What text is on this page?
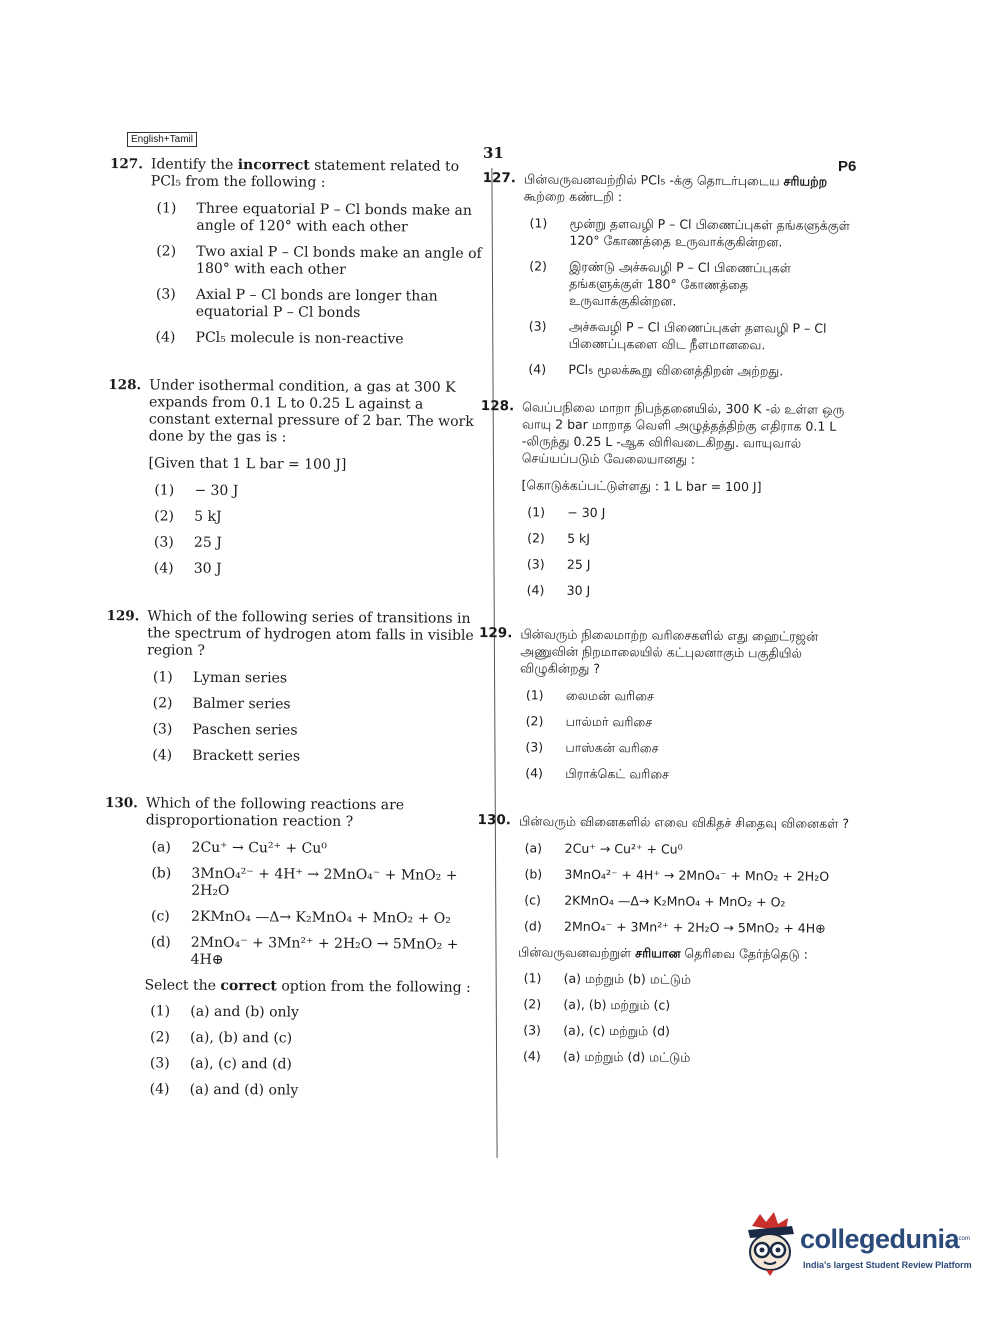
English+Tamil
31
P6
127. Identify the incorrect statement related to PCl₅ from the following :
(1)	Three equatorial P – Cl bonds make an angle of 120° with each other
(2)	Two axial P – Cl bonds make an angle of 180° with each other
(3)	Axial P – Cl bonds are longer than equatorial P – Cl bonds
(4)	PCl₅ molecule is non-reactive
128. Under isothermal condition, a gas at 300 K expands from 0.1 L to 0.25 L against a constant external pressure of 2 bar. The work done by the gas is :
[Given that 1 L bar = 100 J]
(1)	− 30 J
(2)	5 kJ
(3)	25 J
(4)	30 J
129. Which of the following series of transitions in the spectrum of hydrogen atom falls in visible region ?
(1)	Lyman series
(2)	Balmer series
(3)	Paschen series
(4)	Brackett series
130. Which of the following reactions are disproportionation reaction ?
(a)	2Cu⁺ → Cu²⁺ + Cu⁰
(b)	3MnO₄²⁻ + 4H⁺ → 2MnO₄⁻ + MnO₂ + 2H₂O
(c)	2KMnO₄ —Δ→ K₂MnO₄ + MnO₂ + O₂
(d)	2MnO₄⁻ + 3Mn²⁺ + 2H₂O → 5MnO₂ + 4H⊕
Select the correct option from the following :
(1)	(a) and (b) only
(2)	(a), (b) and (c)
(3)	(a), (c) and (d)
(4)	(a) and (d) only
127. பின்வருவனவற்றில் PCl₅ -க்கு தொடர்புடைய சரியற்ற கூற்றை கண்டறி :
(1)	மூன்று தளவழி P – Cl பிணைப்புகள் தங்களுக்குள் 120° கோணத்தை உருவாக்குகின்றன.
(2)	இரண்டு அச்சுவழி P – Cl பிணைப்புகள் தங்களுக்குள் 180° கோணத்தை உருவாக்குகின்றன.
(3)	அச்சுவழி P – Cl பிணைப்புகள் தளவழி P – Cl பிணைப்புகளை விட நீளமானவை.
(4)	PCl₅ மூலக்கூறு வினைத்திறன் அற்றது.
128. வெப்பநிலை மாறா நிபந்தனையில், 300 K -ல் உள்ள ஒரு வாயு 2 bar மாறாத வெளி அழுத்தத்திற்கு எதிராக 0.1 L -லிருந்து 0.25 L -ஆக விரிவடைகிறது. வாயுவால் செய்யப்படும் வேலையானது :
[கொடுக்கப்பட்டுள்ளது : 1 L bar = 100 J]
(1)	− 30 J
(2)	5 kJ
(3)	25 J
(4)	30 J
129. பின்வரும் நிலைமாற்ற வரிசைகளில் எது ஹைட்ரஜன் அணுவின் நிறமாலையில் கட்புலனாகும் பகுதியில் விழுகின்றது ?
(1)	லைமன் வரிசை
(2)	பால்மர் வரிசை
(3)	பாஸ்கன் வரிசை
(4)	பிராக்கெட் வரிசை
130. பின்வரும் வினைகளில் எவை விகிதச் சிதைவு வினைகள் ?
(a)	2Cu⁺ → Cu²⁺ + Cu⁰
(b)	3MnO₄²⁻ + 4H⁺ → 2MnO₄⁻ + MnO₂ + 2H₂O
(c)	2KMnO₄ —Δ→ K₂MnO₄ + MnO₂ + O₂
(d)	2MnO₄⁻ + 3Mn²⁺ + 2H₂O → 5MnO₂ + 4H⊕
பின்வருவனவற்றுள் சரியான தெரிவை தேர்ந்தெடு :
(1)	(a) மற்றும் (b) மட்டும்
(2)	(a), (b) மற்றும் (c)
(3)	(a), (c) மற்றும் (d)
(4)	(a) மற்றும் (d) மட்டும்
collegedunia
.com
India's largest Student Review Platform
